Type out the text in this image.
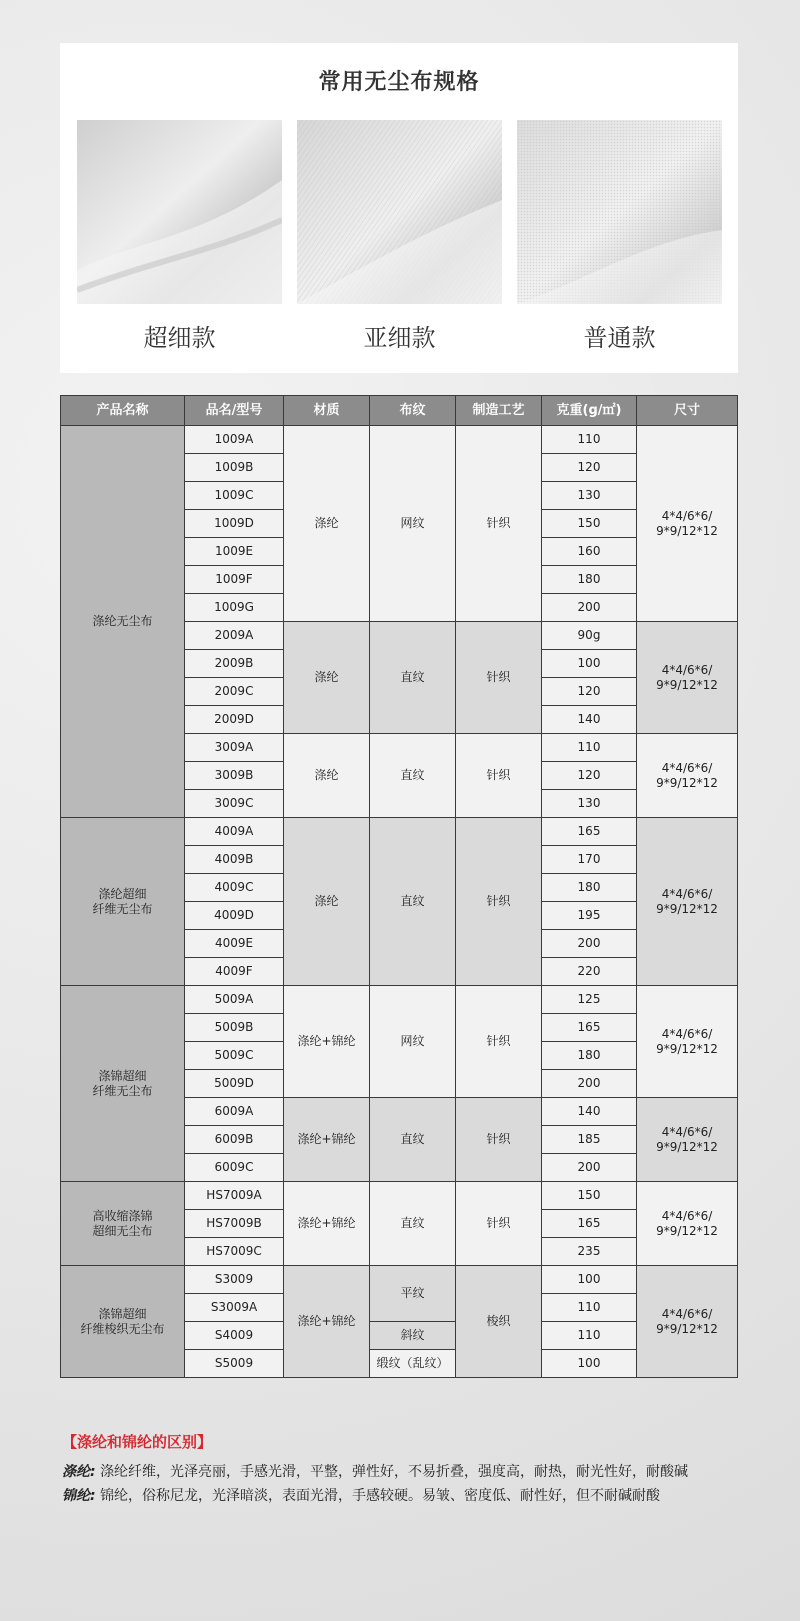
常用无尘布规格
超细款	亚细款	普通款
产品名称	品名/型号	材质	布纹	制造工艺	克重(g/㎡)	尺寸
涤纶无尘布	1009A	涤纶	网纹	针织	110	4*4/6*6/
9*9/12*12
	1009B				120	
	1009C				130	
	1009D				150	
	1009E				160	
	1009F				180	
	1009G				200	
	2009A	涤纶	直纹	针织	90g	4*4/6*6/
9*9/12*12
	2009B				100	
	2009C				120	
	2009D				140	
	3009A	涤纶	直纹	针织	110	4*4/6*6/
9*9/12*12
	3009B				120	
	3009C				130	
涤纶超细
纤维无尘布	4009A	涤纶	直纹	针织	165	4*4/6*6/
9*9/12*12
	4009B				170	
	4009C				180	
	4009D				195	
	4009E				200	
	4009F				220	
涤锦超细
纤维无尘布	5009A	涤纶+锦纶	网纹	针织	125	4*4/6*6/
9*9/12*12
	5009B				165	
	5009C				180	
	5009D				200	
	6009A	涤纶+锦纶	直纹	针织	140	4*4/6*6/
9*9/12*12
	6009B				185	
	6009C				200	
高收缩涤锦
超细无尘布	HS7009A	涤纶+锦纶	直纹	针织	150	4*4/6*6/
9*9/12*12
	HS7009B				165	
	HS7009C				235	
涤锦超细
纤维梭织无尘布	S3009	涤纶+锦纶	平纹	梭织	100	4*4/6*6/
9*9/12*12
	S3009A				110	
	S4009		斜纹		110	
	S5009		缎纹（乱纹）		100	
【涤纶和锦纶的区别】
涤纶: 涤纶纤维，光泽亮丽，手感光滑，平整，弹性好，不易折叠，强度高，耐热，耐光性好，耐酸碱
锦纶: 锦纶，俗称尼龙，光泽暗淡，表面光滑，手感较硬。易皱、密度低、耐性好，但不耐碱耐酸
